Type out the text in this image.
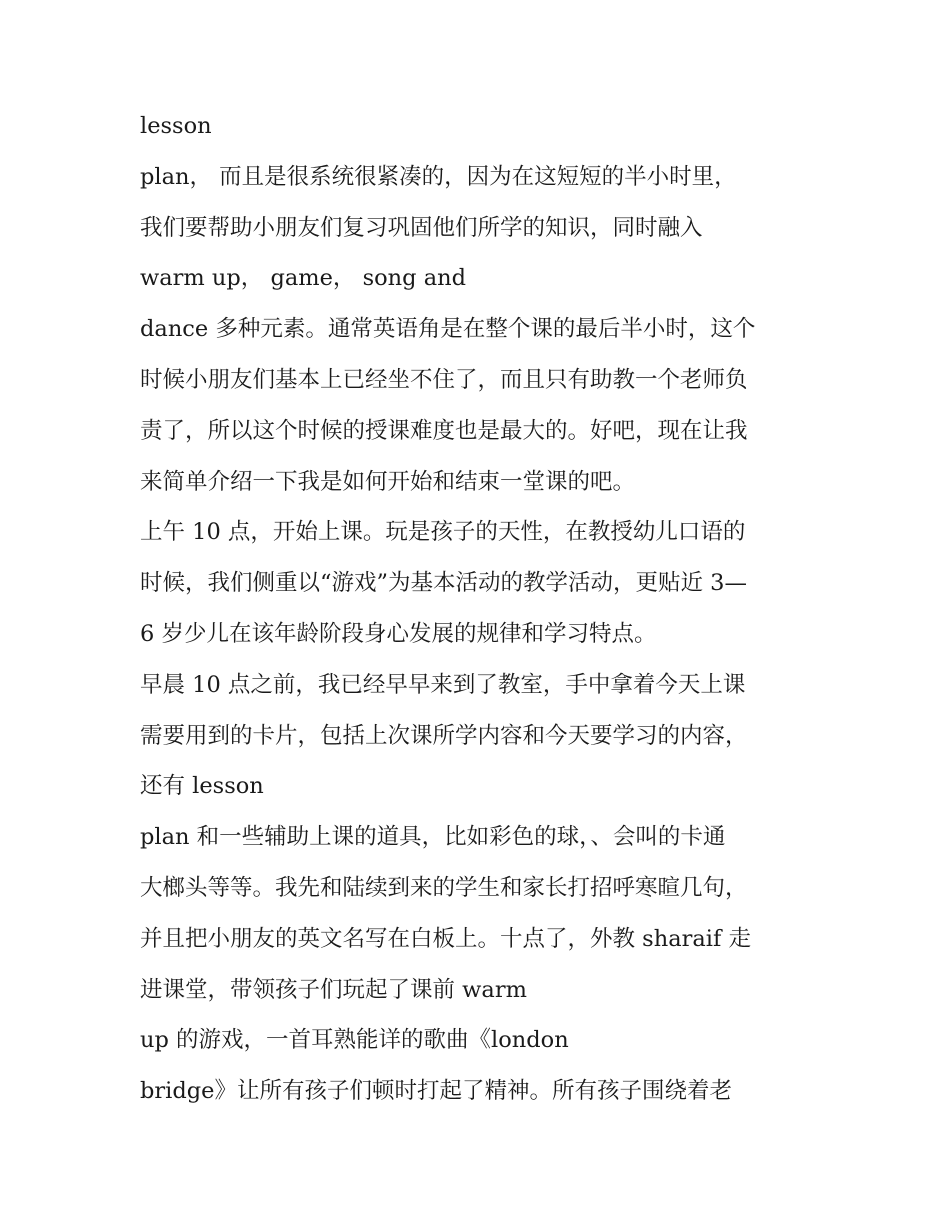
lesson
plan， 而且是很系统很紧凑的，因为在这短短的半小时里，
我们要帮助小朋友们复习巩固他们所学的知识，同时融入
warm up， game， song and
dance 多种元素。通常英语角是在整个课的最后半小时，这个
时候小朋友们基本上已经坐不住了，而且只有助教一个老师负
责了，所以这个时候的授课难度也是最大的。好吧，现在让我
来简单介绍一下我是如何开始和结束一堂课的吧。
上午 10 点，开始上课。玩是孩子的天性，在教授幼儿口语的
时候，我们侧重以“游戏”为基本活动的教学活动，更贴近 3—
6 岁少儿在该年龄阶段身心发展的规律和学习特点。
早晨 10 点之前，我已经早早来到了教室，手中拿着今天上课
需要用到的卡片，包括上次课所学内容和今天要学习的内容，
还有 lesson
plan 和一些辅助上课的道具，比如彩色的球，、会叫的卡通
大榔头等等。我先和陆续到来的学生和家长打招呼寒暄几句，
并且把小朋友的英文名写在白板上。十点了，外教 sharaif 走
进课堂，带领孩子们玩起了课前 warm
up 的游戏，一首耳熟能详的歌曲《london
bridge》让所有孩子们顿时打起了精神。所有孩子围绕着老
